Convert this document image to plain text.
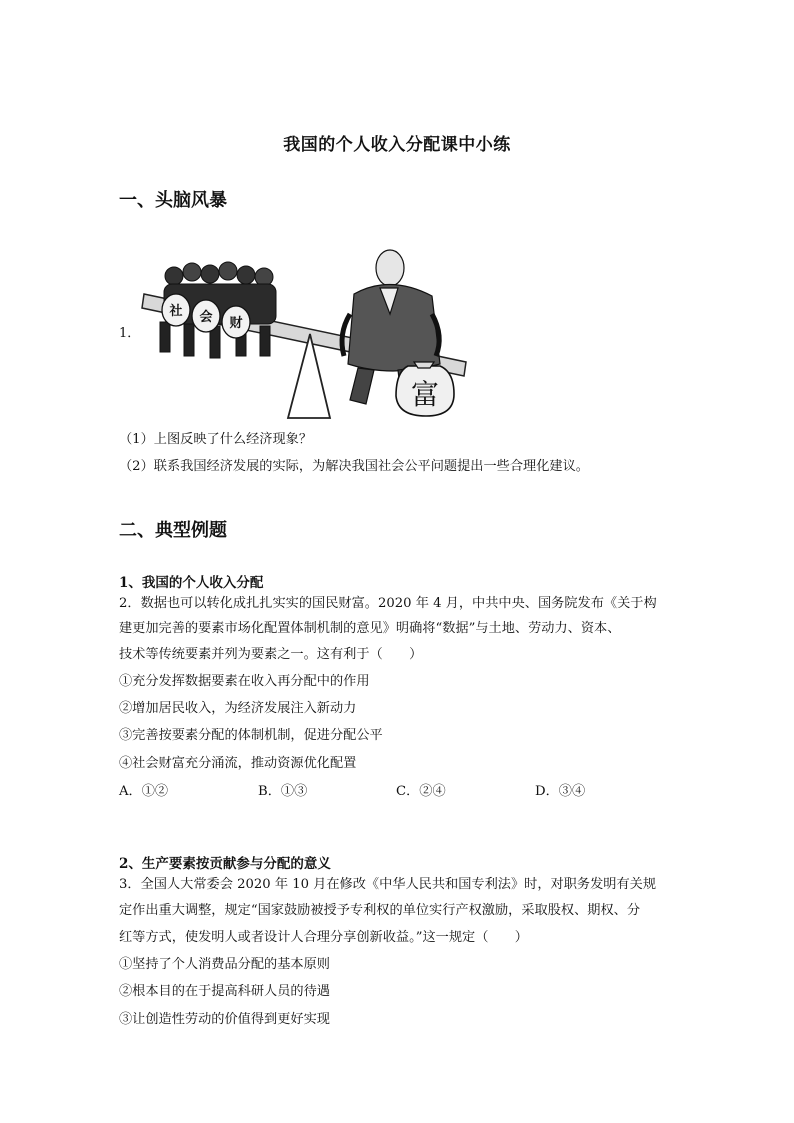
我国的个人收入分配课中小练
一、头脑风暴
1．
社 会 财
富
（1）上图反映了什么经济现象？
（2）联系我国经济发展的实际，为解决我国社会公平问题提出一些合理化建议。
二、典型例题
1、我国的个人收入分配
2．数据也可以转化成扎扎实实的国民财富。2020 年 4 月，中共中央、国务院发布《关于构
建更加完善的要素市场化配置体制机制的意见》明确将“数据”与土地、劳动力、资本、
技术等传统要素并列为要素之一。这有利于（　　）
①充分发挥数据要素在收入再分配中的作用
②增加居民收入，为经济发展注入新动力
③完善按要素分配的体制机制，促进分配公平
④社会财富充分涌流，推动资源优化配置
A．①②	B．①③	C．②④	D．③④
2、生产要素按贡献参与分配的意义
3．全国人大常委会 2020 年 10 月在修改《中华人民共和国专利法》时，对职务发明有关规
定作出重大调整，规定“国家鼓励被授予专利权的单位实行产权激励，采取股权、期权、分
红等方式，使发明人或者设计人合理分享创新收益。”这一规定（　　）
①坚持了个人消费品分配的基本原则
②根本目的在于提高科研人员的待遇
③让创造性劳动的价值得到更好实现
